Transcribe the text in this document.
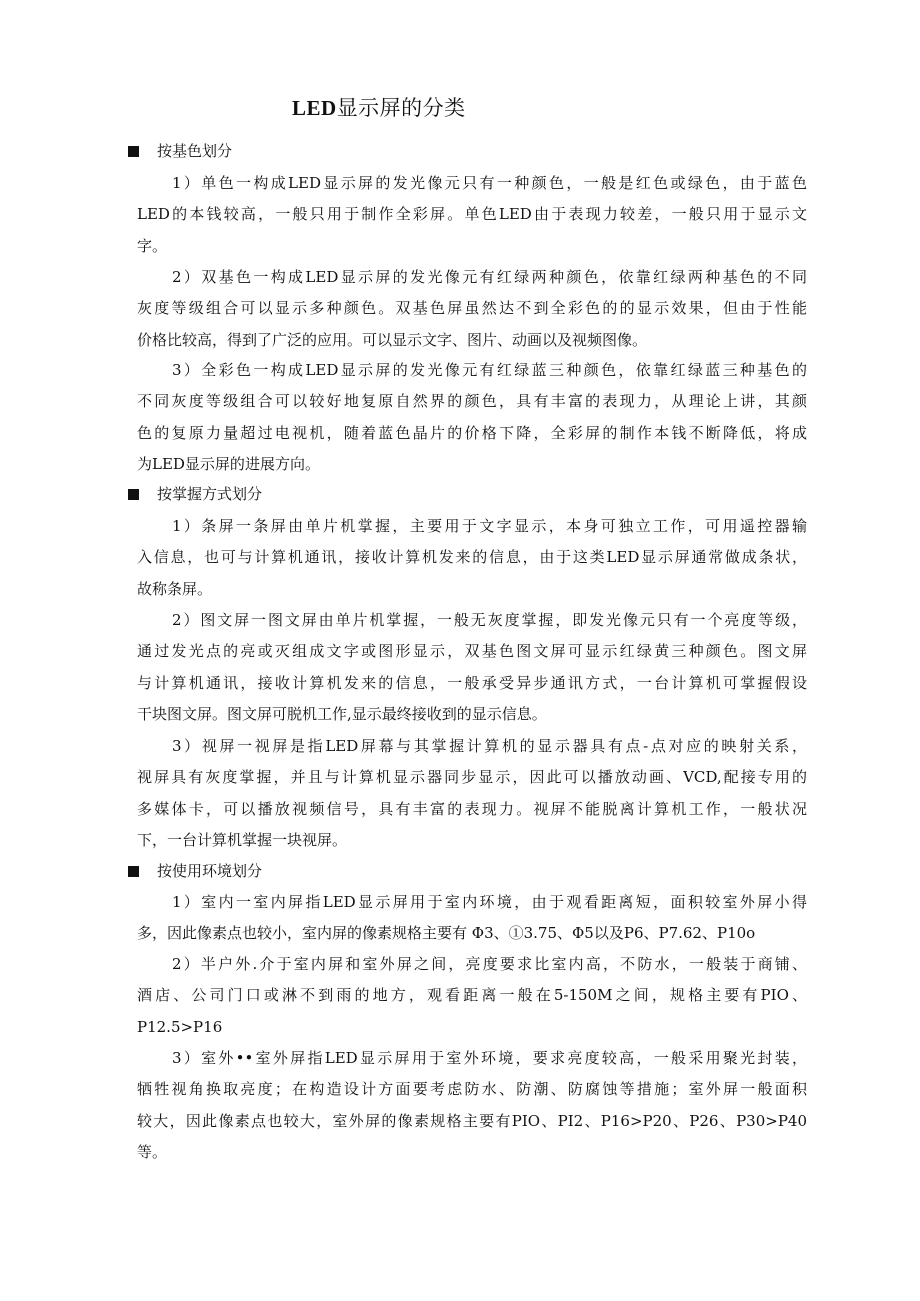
LED显示屏的分类
按基色划分
1）单色一构成LED显示屏的发光像元只有一种颜色，一般是红色或绿色，由于蓝色
LED的本钱较高，一般只用于制作全彩屏。单色LED由于表现力较差，一般只用于显示文
字。
2）双基色一构成LED显示屏的发光像元有红绿两种颜色，依靠红绿两种基色的不同
灰度等级组合可以显示多种颜色。双基色屏虽然达不到全彩色的的显示效果，但由于性能
价格比较高，得到了广泛的应用。可以显示文字、图片、动画以及视频图像。
3）全彩色一构成LED显示屏的发光像元有红绿蓝三种颜色，依靠红绿蓝三种基色的
不同灰度等级组合可以较好地复原自然界的颜色，具有丰富的表现力，从理论上讲，其颜
色的复原力量超过电视机，随着蓝色晶片的价格下降，全彩屏的制作本钱不断降低，将成
为LED显示屏的进展方向。
按掌握方式划分
1）条屏一条屏由单片机掌握，主要用于文字显示，本身可独立工作，可用遥控器输
入信息，也可与计算机通讯，接收计算机发来的信息，由于这类LED显示屏通常做成条状，
故称条屏。
2）图文屏一图文屏由单片机掌握，一般无灰度掌握，即发光像元只有一个亮度等级，
通过发光点的亮或灭组成文字或图形显示，双基色图文屏可显示红绿黄三种颜色。图文屏
与计算机通讯，接收计算机发来的信息，一般承受异步通讯方式，一台计算机可掌握假设
干块图文屏。图文屏可脱机工作,显示最终接收到的显示信息。
3）视屏一视屏是指LED屏幕与其掌握计算机的显示器具有点-点对应的映射关系，
视屏具有灰度掌握，并且与计算机显示器同步显示，因此可以播放动画、VCD,配接专用的
多媒体卡，可以播放视频信号，具有丰富的表现力。视屏不能脱离计算机工作，一般状况
下，一台计算机掌握一块视屏。
按使用环境划分
1）室内一室内屏指LED显示屏用于室内环境，由于观看距离短，面积较室外屏小得
多，因此像素点也较小，室内屏的像素规格主要有 Φ3、①3.75、Φ5以及P6、P7.62、P10o
2）半户外.介于室内屏和室外屏之间，亮度要求比室内高，不防水，一般装于商铺、
酒店、公司门口或淋不到雨的地方，观看距离一般在5-150M之间，规格主要有PIO、
P12.5>P16
3）室外••室外屏指LED显示屏用于室外环境，要求亮度较高，一般采用聚光封装，
牺牲视角换取亮度；在构造设计方面要考虑防水、防潮、防腐蚀等措施；室外屏一般面积
较大，因此像素点也较大，室外屏的像素规格主要有PIO、PI2、P16>P20、P26、P30>P40
等。
